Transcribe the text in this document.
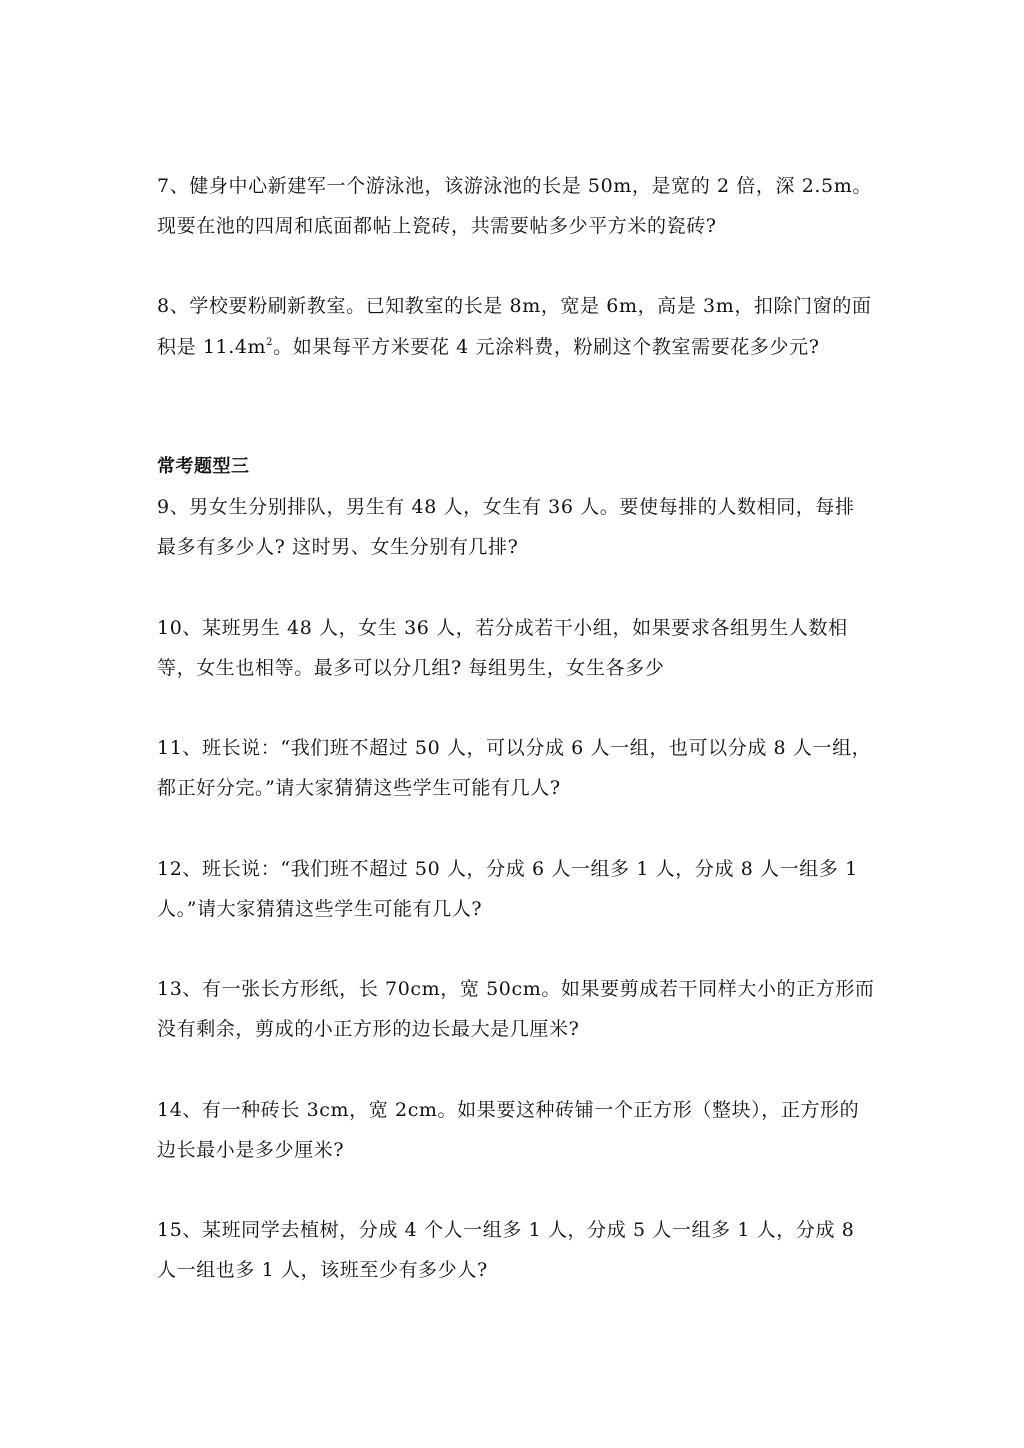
7、健身中心新建军一个游泳池，该游泳池的长是 50m，是宽的 2 倍，深 2.5m。
现要在池的四周和底面都帖上瓷砖，共需要帖多少平方米的瓷砖?
8、学校要粉刷新教室。已知教室的长是 8m，宽是 6m，高是 3m，扣除门窗的面
积是 $11.4m^2$。如果每平方米要花 4 元涂料费，粉刷这个教室需要花多少元?
常考题型三
9、男女生分别排队，男生有 48 人，女生有 36 人。要使每排的人数相同，每排
最多有多少人? 这时男、女生分别有几排?
10、某班男生 48 人，女生 36 人，若分成若干小组，如果要求各组男生人数相
等，女生也相等。最多可以分几组? 每组男生，女生各多少
11、班长说：“我们班不超过 50 人，可以分成 6 人一组，也可以分成 8 人一组，
都正好分完。”请大家猜猜这些学生可能有几人?
12、班长说：“我们班不超过 50 人，分成 6 人一组多 1 人，分成 8 人一组多 1
人。”请大家猜猜这些学生可能有几人?
13、有一张长方形纸，长 70cm，宽 50cm。如果要剪成若干同样大小的正方形而
没有剩余，剪成的小正方形的边长最大是几厘米?
14、有一种砖长 3cm，宽 2cm。如果要这种砖铺一个正方形（整块），正方形的
边长最小是多少厘米?
15、某班同学去植树，分成 4 个人一组多 1 人，分成 5 人一组多 1 人，分成 8
人一组也多 1 人，该班至少有多少人?
